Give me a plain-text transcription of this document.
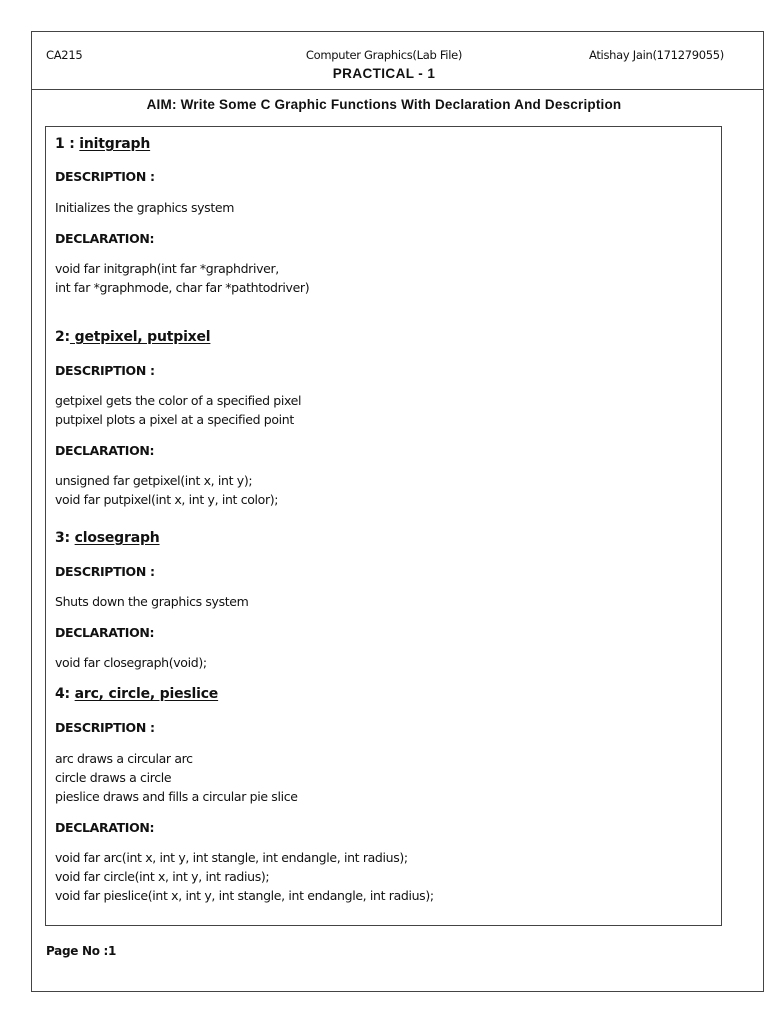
CA215	Computer Graphics(Lab File)	Atishay Jain(171279055)
PRACTICAL - 1
AIM: Write Some C Graphic Functions With Declaration And Description
1 : initgraph
DESCRIPTION :
Initializes the graphics system
DECLARATION:
void far initgraph(int far *graphdriver,
int far *graphmode, char far *pathtodriver)
2: getpixel, putpixel
DESCRIPTION :
getpixel gets the color of a specified pixel
putpixel plots a pixel at a specified point
DECLARATION:
unsigned far getpixel(int x, int y);
void far putpixel(int x, int y, int color);
3: closegraph
DESCRIPTION :
Shuts down the graphics system
DECLARATION:
void far closegraph(void);
4: arc, circle, pieslice
DESCRIPTION :
arc draws a circular arc
circle draws a circle
pieslice draws and fills a circular pie slice
DECLARATION:
void far arc(int x, int y, int stangle, int endangle, int radius);
void far circle(int x, int y, int radius);
void far pieslice(int x, int y, int stangle, int endangle, int radius);
Page No :1
